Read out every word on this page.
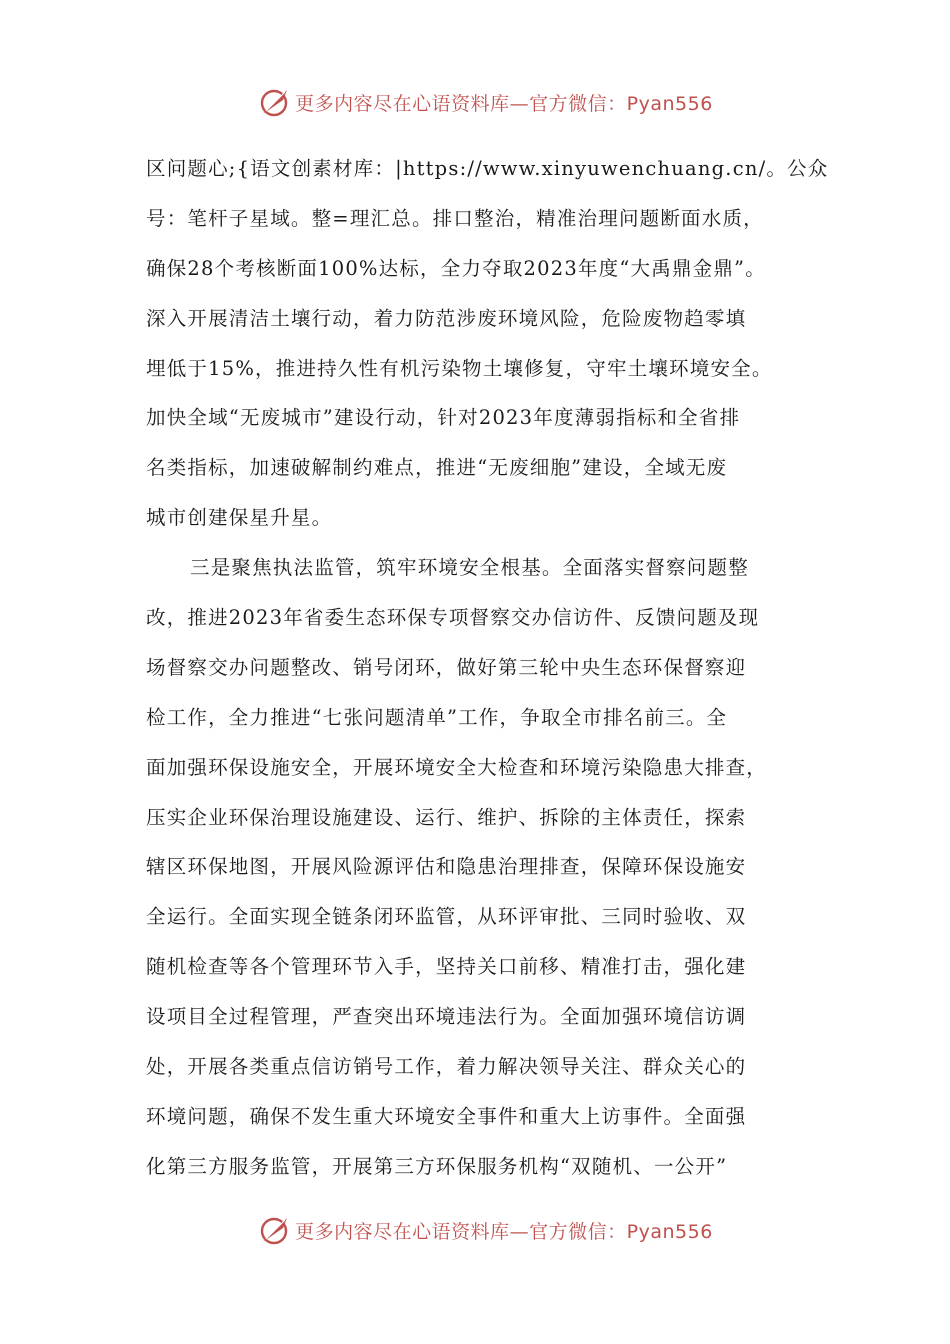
更多内容尽在心语资料库—官方微信：Pyan556
区问题心;{语文创素材库：|https://www.xinyuwenchuang.cn/。公众
号：笔杆子星域。整=理汇总。排口整治，精准治理问题断面水质，
确保28个考核断面100%达标，全力夺取2023年度“大禹鼎金鼎”。
深入开展清洁土壤行动，着力防范涉废环境风险，危险废物趋零填
埋低于15%，推进持久性有机污染物土壤修复，守牢土壤环境安全。
加快全域“无废城市”建设行动，针对2023年度薄弱指标和全省排
名类指标，加速破解制约难点，推进“无废细胞”建设，全域无废
城市创建保星升星。
三是聚焦执法监管，筑牢环境安全根基。全面落实督察问题整
改，推进2023年省委生态环保专项督察交办信访件、反馈问题及现
场督察交办问题整改、销号闭环，做好第三轮中央生态环保督察迎
检工作，全力推进“七张问题清单”工作，争取全市排名前三。全
面加强环保设施安全，开展环境安全大检查和环境污染隐患大排查，
压实企业环保治理设施建设、运行、维护、拆除的主体责任，探索
辖区环保地图，开展风险源评估和隐患治理排查，保障环保设施安
全运行。全面实现全链条闭环监管，从环评审批、三同时验收、双
随机检查等各个管理环节入手，坚持关口前移、精准打击，强化建
设项目全过程管理，严查突出环境违法行为。全面加强环境信访调
处，开展各类重点信访销号工作，着力解决领导关注、群众关心的
环境问题，确保不发生重大环境安全事件和重大上访事件。全面强
化第三方服务监管，开展第三方环保服务机构“双随机、一公开”
更多内容尽在心语资料库—官方微信：Pyan556
